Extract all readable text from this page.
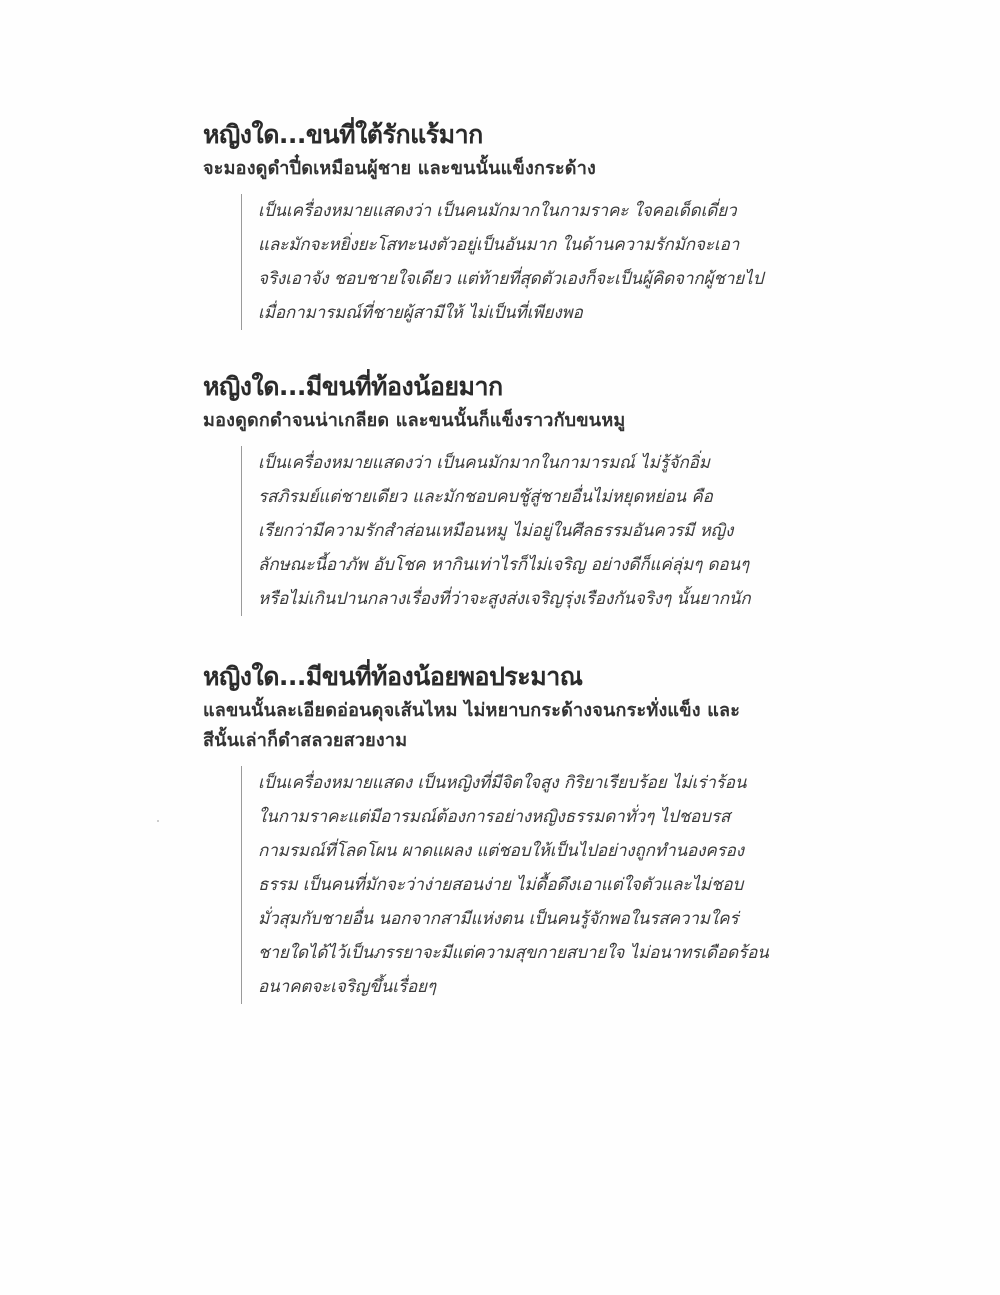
หญิงใด...ขนที่ใต้รักแร้มาก
จะมองดูดำปี๋ดเหมือนผู้ชาย และขนนั้นแข็งกระด้าง
เป็นเครื่องหมายแสดงว่า เป็นคนมักมากในกามราคะ ใจคอเด็ดเดี่ยว
และมักจะหยิ่งยะโสทะนงตัวอยู่เป็นอันมาก ในด้านความรักมักจะเอา
จริงเอาจัง ชอบชายใจเดียว แต่ท้ายที่สุดตัวเองก็จะเป็นผู้คิดจากผู้ชายไป
เมื่อกามารมณ์ที่ชายผู้สามีให้ ไม่เป็นที่เพียงพอ
หญิงใด...มีขนที่ท้องน้อยมาก
มองดูดกดำจนน่าเกลียด และขนนั้นก็แข็งราวกับขนหมู
เป็นเครื่องหมายแสดงว่า เป็นคนมักมากในกามารมณ์ ไม่รู้จักอิ่ม
รสภิรมย์แต่ชายเดียว และมักชอบคบชู้สู่ชายอื่นไม่หยุดหย่อน คือ
เรียกว่ามีความรักสำส่อนเหมือนหมู ไม่อยู่ในศีลธรรมอันควรมี หญิง
ลักษณะนี้อาภัพ อับโชค หากินเท่าไรก็ไม่เจริญ อย่างดีก็แค่ลุ่มๆ ดอนๆ
หรือไม่เกินปานกลางเรื่องที่ว่าจะสูงส่งเจริญรุ่งเรืองกันจริงๆ นั้นยากนัก
หญิงใด...มีขนที่ท้องน้อยพอประมาณ
แลขนนั้นละเอียดอ่อนดุจเส้นไหม ไม่หยาบกระด้างจนกระทั่งแข็ง และ
สีนั้นเล่าก็ดำสลวยสวยงาม
เป็นเครื่องหมายแสดง เป็นหญิงที่มีจิตใจสูง กิริยาเรียบร้อย ไม่เร่าร้อน
ในกามราคะแต่มีอารมณ์ต้องการอย่างหญิงธรรมดาทั่วๆ ไปชอบรส
กามรมณ์ที่โลดโผน ผาดแผลง แต่ชอบให้เป็นไปอย่างถูกทำนองครอง
ธรรม เป็นคนที่มักจะว่าง่ายสอนง่าย ไม่ดื้อดึงเอาแต่ใจตัวและไม่ชอบ
มั่วสุมกับชายอื่น นอกจากสามีแห่งตน เป็นคนรู้จักพอในรสความใคร่
ชายใดได้ไว้เป็นภรรยาจะมีแต่ความสุขกายสบายใจ ไม่อนาทรเดือดร้อน
อนาคตจะเจริญขึ้นเรื่อยๆ
